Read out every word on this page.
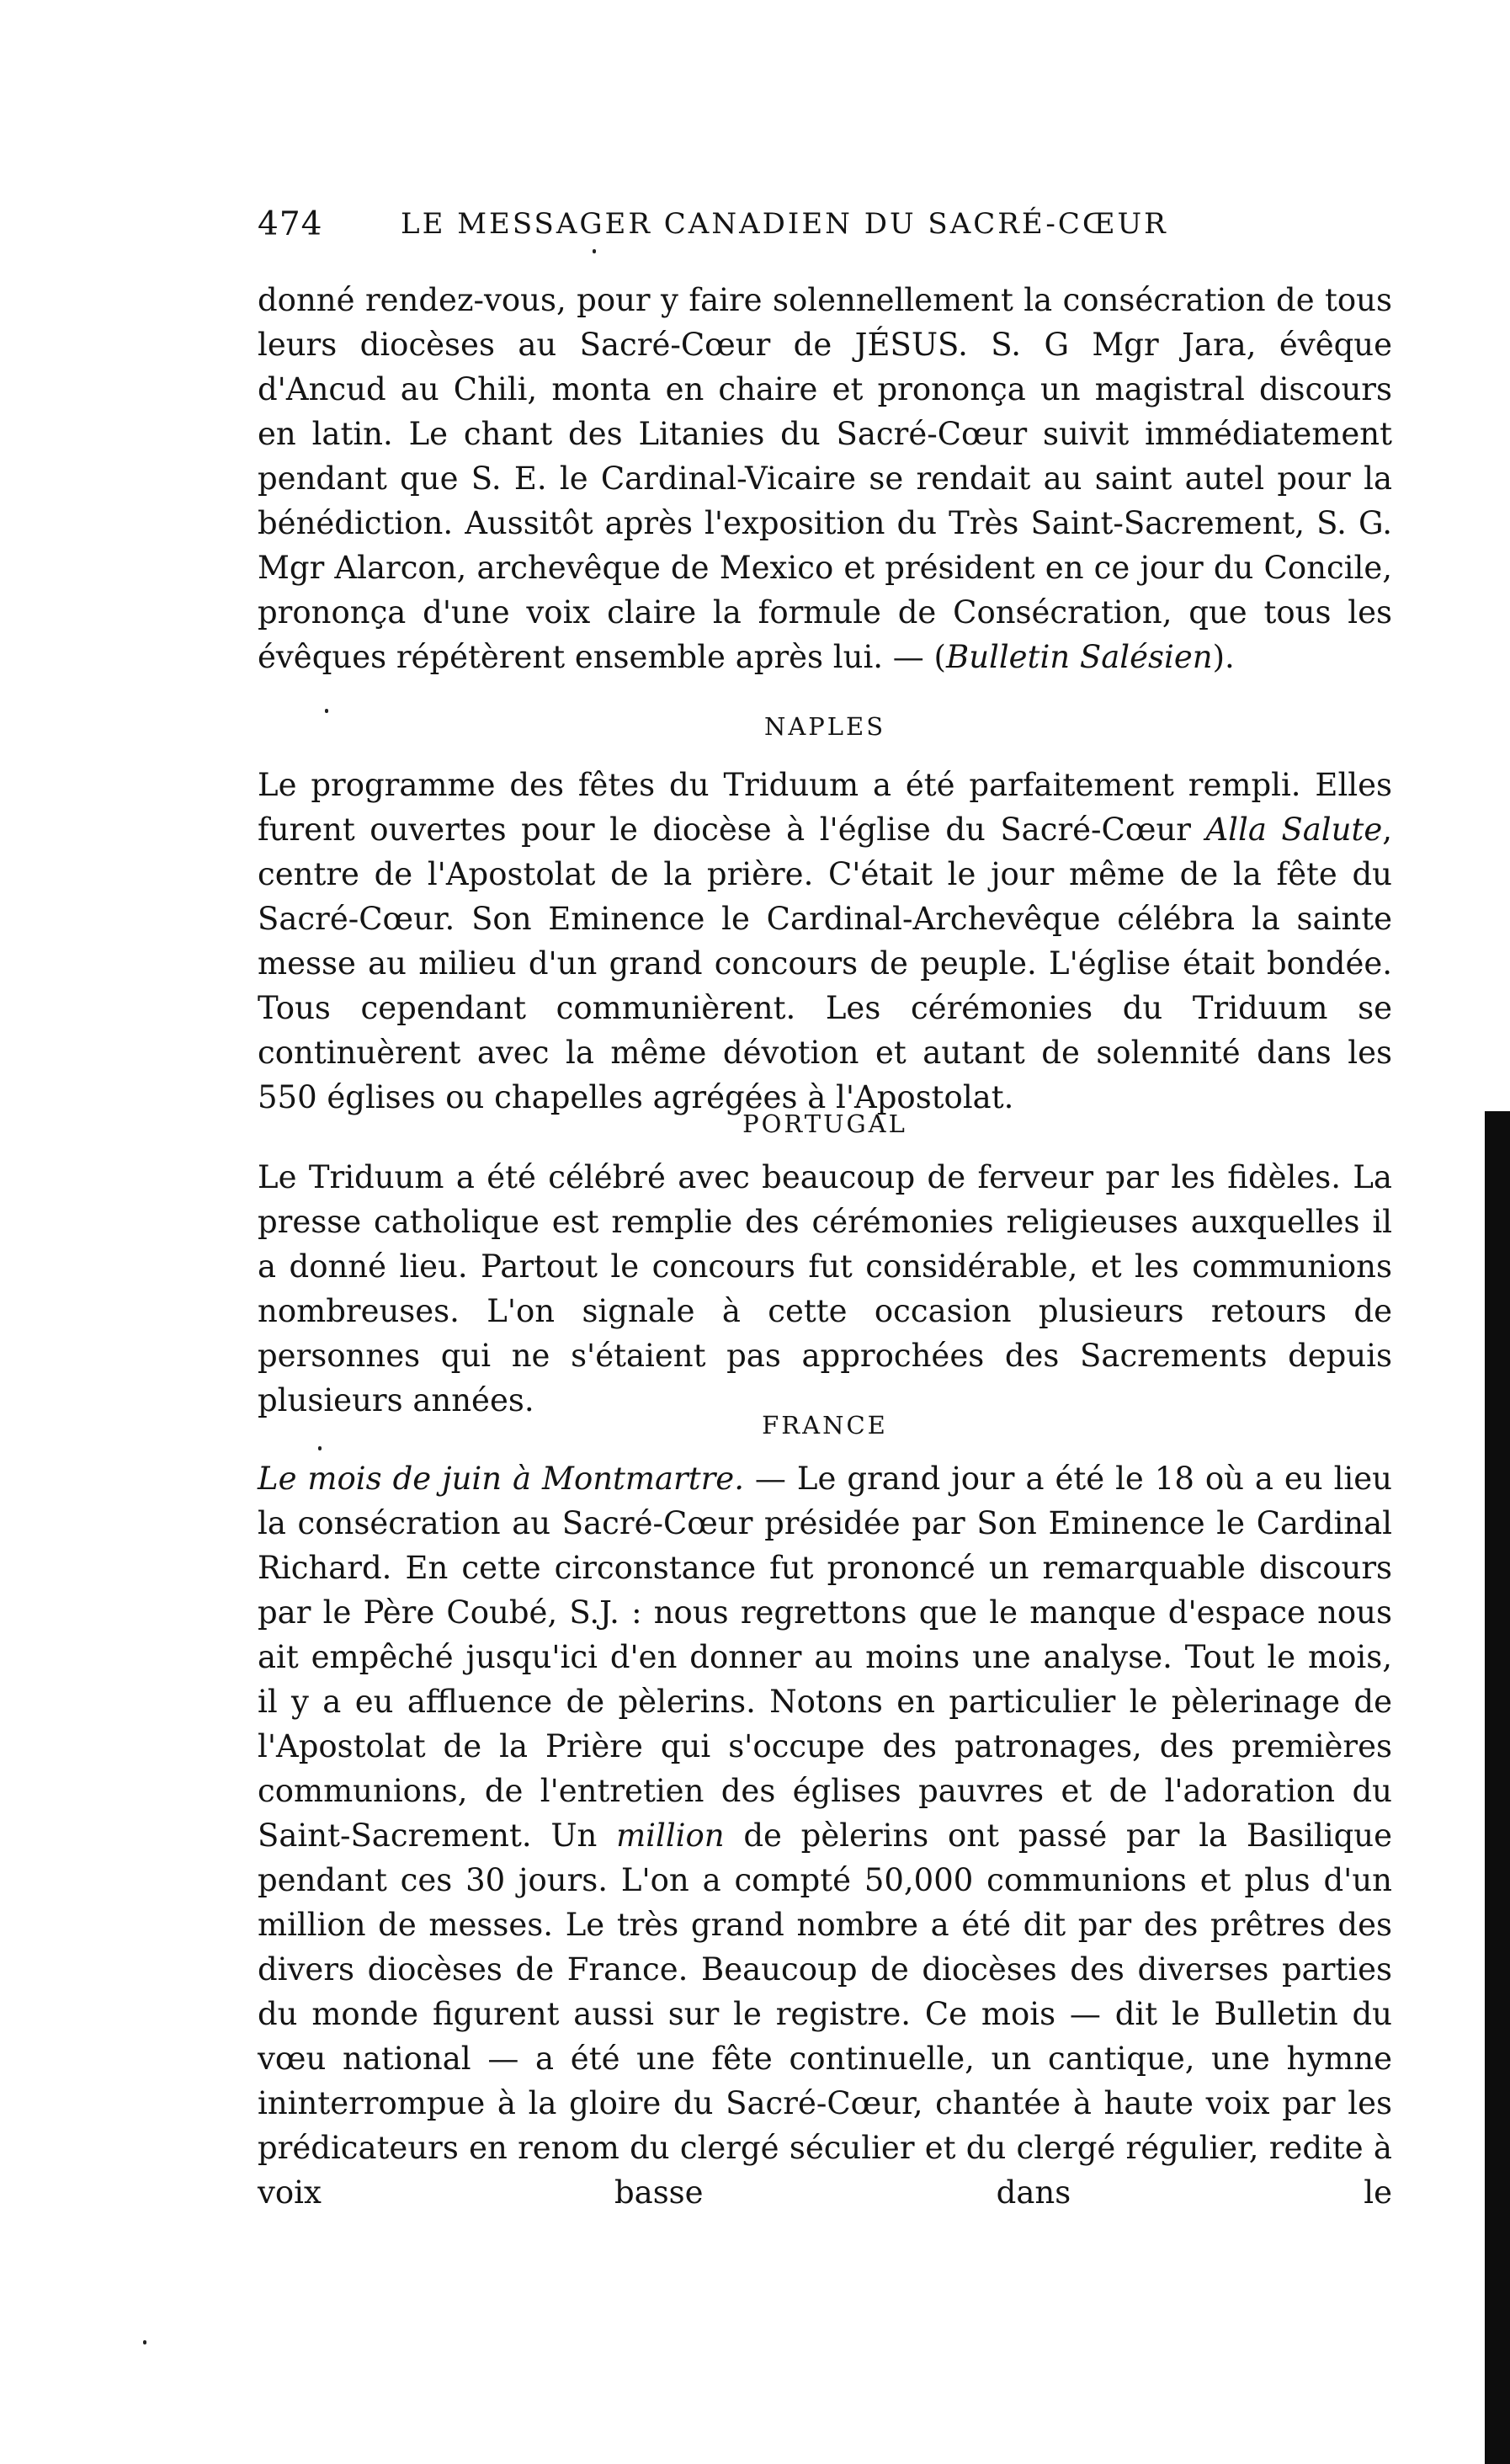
474	LE MESSAGER CANADIEN DU SACRÉ-CŒUR
donné rendez-vous, pour y faire solennellement la consécration de tous leurs diocèses au Sacré-Cœur de JÉSUS. S. G Mgr Jara, évêque d'Ancud au Chili, monta en chaire et prononça un magistral discours en latin. Le chant des Litanies du Sacré-Cœur suivit immédiatement pendant que S. E. le Cardinal-Vicaire se rendait au saint autel pour la bénédiction. Aussitôt après l'exposition du Très Saint-Sacrement, S. G. Mgr Alarcon, archevêque de Mexico et président en ce jour du Concile, prononça d'une voix claire la formule de Consécration, que tous les évêques répétèrent ensemble après lui. — (Bulletin Salésien).
NAPLES
Le programme des fêtes du Triduum a été parfaitement rempli. Elles furent ouvertes pour le diocèse à l'église du Sacré-Cœur Alla Salute, centre de l'Apostolat de la prière. C'était le jour même de la fête du Sacré-Cœur. Son Eminence le Cardinal-Archevêque célébra la sainte messe au milieu d'un grand concours de peuple. L'église était bondée. Tous cependant communièrent. Les cérémonies du Triduum se continuèrent avec la même dévotion et autant de solennité dans les 550 églises ou chapelles agrégées à l'Apostolat.
PORTUGAL
Le Triduum a été célébré avec beaucoup de ferveur par les fidèles. La presse catholique est remplie des cérémonies religieuses auxquelles il a donné lieu. Partout le concours fut considérable, et les communions nombreuses. L'on signale à cette occasion plusieurs retours de personnes qui ne s'étaient pas approchées des Sacrements depuis plusieurs années.
FRANCE
Le mois de juin à Montmartre. — Le grand jour a été le 18 où a eu lieu la consécration au Sacré-Cœur présidée par Son Eminence le Cardinal Richard. En cette circonstance fut prononcé un remarquable discours par le Père Coubé, S.J. : nous regrettons que le manque d'espace nous ait empêché jusqu'ici d'en donner au moins une analyse. Tout le mois, il y a eu affluence de pèlerins. Notons en particulier le pèlerinage de l'Apostolat de la Prière qui s'occupe des patronages, des premières communions, de l'entretien des églises pauvres et de l'adoration du Saint-Sacrement. Un million de pèlerins ont passé par la Basilique pendant ces 30 jours. L'on a compté 50,000 communions et plus d'un million de messes. Le très grand nombre a été dit par des prêtres des divers diocèses de France. Beaucoup de diocèses des diverses parties du monde figurent aussi sur le registre. Ce mois — dit le Bulletin du vœu national — a été une fête continuelle, un cantique, une hymne ininterrompue à la gloire du Sacré-Cœur, chantée à haute voix par les prédicateurs en renom du clergé séculier et du clergé régulier, redite à voix basse dans le
